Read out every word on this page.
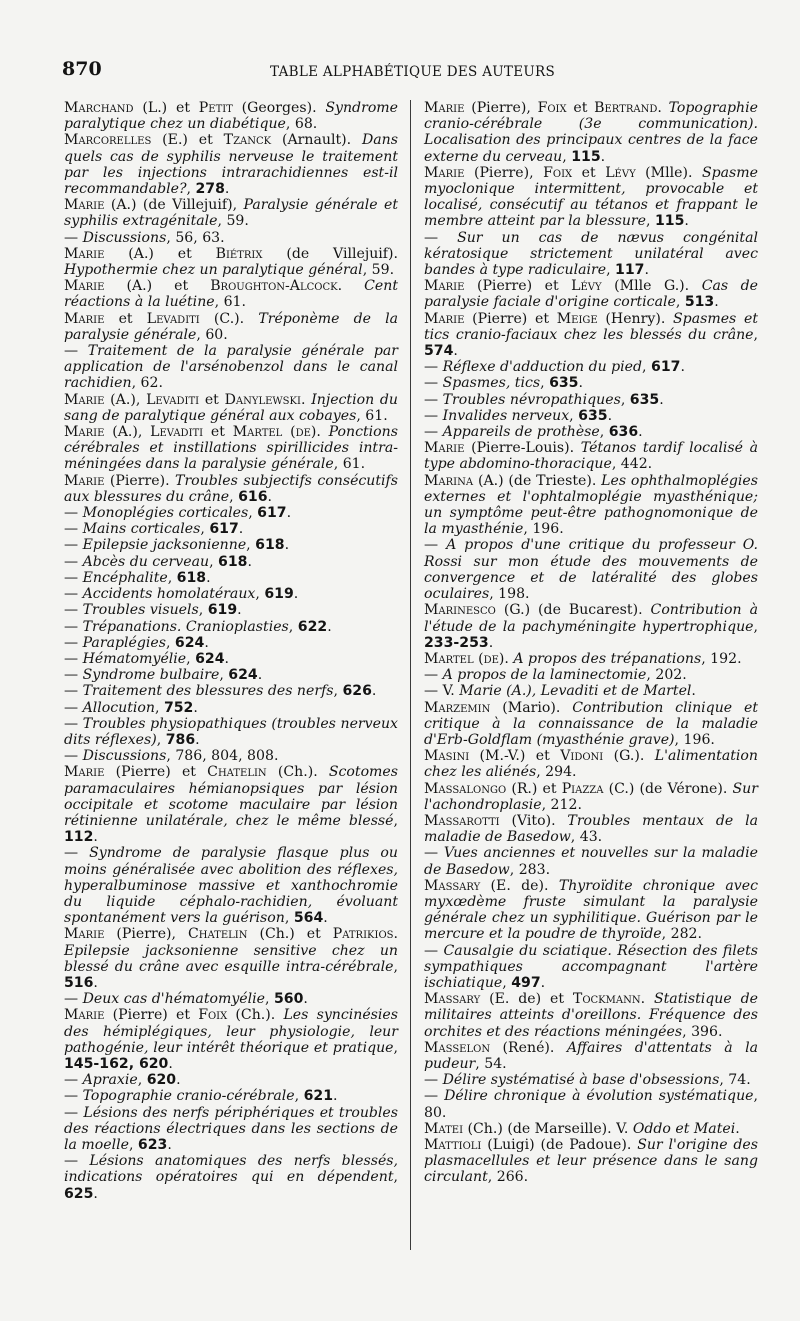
870	TABLE ALPHABÉTIQUE DES AUTEURS

Marchand (L.) et Petit (Georges). Syndrome paralytique chez un diabétique, 68.

Marcorelles (E.) et Tzanck (Arnault). Dans quels cas de syphilis nerveuse le traitement par les injections intrarachidiennes est-il recommandable?, 278.

Marie (A.) (de Villejuif), Paralysie générale et syphilis extragénitale, 59.

— Discussions, 56, 63.

Marie (A.) et Biétrix (de Villejuif). Hypothermie chez un paralytique général, 59.

Marie (A.) et Broughton-Alcock. Cent réactions à la luétine, 61.

Marie et Levaditi (C.). Tréponème de la paralysie générale, 60.

— Traitement de la paralysie générale par application de l'arsénobenzol dans le canal rachidien, 62.

Marie (A.), Levaditi et Danylewski. Injection du sang de paralytique général aux cobayes, 61.

Marie (A.), Levaditi et Martel (de). Ponctions cérébrales et instillations spirillicides intra-méningées dans la paralysie générale, 61.

Marie (Pierre). Troubles subjectifs consécutifs aux blessures du crâne, 616.

— Monoplégies corticales, 617.

— Mains corticales, 617.

— Epilepsie jacksonienne, 618.

— Abcès du cerveau, 618.

— Encéphalite, 618.

— Accidents homolatéraux, 619.

— Troubles visuels, 619.

— Trépanations. Cranioplasties, 622.

— Paraplégies, 624.

— Hématomyélie, 624.

— Syndrome bulbaire, 624.

— Traitement des blessures des nerfs, 626.

— Allocution, 752.

— Troubles physiopathiques (troubles nerveux dits réflexes), 786.

— Discussions, 786, 804, 808.

Marie (Pierre) et Chatelin (Ch.). Scotomes paramaculaires hémianopsiques par lésion occipitale et scotome maculaire par lésion rétinienne unilatérale, chez le même blessé, 112.

— Syndrome de paralysie flasque plus ou moins généralisée avec abolition des réflexes, hyperalbuminose massive et xanthochromie du liquide céphalo-rachidien, évoluant spontanément vers la guérison, 564.

Marie (Pierre), Chatelin (Ch.) et Patrikios. Epilepsie jacksonienne sensitive chez un blessé du crâne avec esquille intra-cérébrale, 516.

— Deux cas d'hématomyélie, 560.

Marie (Pierre) et Foix (Ch.). Les syncinésies des hémiplégiques, leur physiologie, leur pathogénie, leur intérêt théorique et pratique, 145-162, 620.

— Apraxie, 620.

— Topographie cranio-cérébrale, 621.

— Lésions des nerfs périphériques et troubles des réactions électriques dans les sections de la moelle, 623.

— Lésions anatomiques des nerfs blessés, indications opératoires qui en dépendent, 625.

Marie (Pierre), Foix et Bertrand. Topographie cranio-cérébrale (3e communication). Localisation des principaux centres de la face externe du cerveau, 115.

Marie (Pierre), Foix et Lévy (Mlle). Spasme myoclonique intermittent, provocable et localisé, consécutif au tétanos et frappant le membre atteint par la blessure, 115.

— Sur un cas de nævus congénital kératosique strictement unilatéral avec bandes à type radiculaire, 117.

Marie (Pierre) et Lévy (Mlle G.). Cas de paralysie faciale d'origine corticale, 513.

Marie (Pierre) et Meige (Henry). Spasmes et tics cranio-faciaux chez les blessés du crâne, 574.

— Réflexe d'adduction du pied, 617.

— Spasmes, tics, 635.

— Troubles névropathiques, 635.

— Invalides nerveux, 635.

— Appareils de prothèse, 636.

Marie (Pierre-Louis). Tétanos tardif localisé à type abdomino-thoracique, 442.

Marina (A.) (de Trieste). Les ophthalmoplégies externes et l'ophtalmoplégie myasthénique; un symptôme peut-être pathognomonique de la myasthénie, 196.

— A propos d'une critique du professeur O. Rossi sur mon étude des mouvements de convergence et de latéralité des globes oculaires, 198.

Marinesco (G.) (de Bucarest). Contribution à l'étude de la pachyméningite hypertrophique, 233-253.

Martel (de). A propos des trépanations, 192.

— A propos de la laminectomie, 202.

— V. Marie (A.), Levaditi et de Martel.

Marzemin (Mario). Contribution clinique et critique à la connaissance de la maladie d'Erb-Goldflam (myasthénie grave), 196.

Masini (M.-V.) et Vidoni (G.). L'alimentation chez les aliénés, 294.

Massalongo (R.) et Piazza (C.) (de Vérone). Sur l'achondroplasie, 212.

Massarotti (Vito). Troubles mentaux de la maladie de Basedow, 43.

— Vues anciennes et nouvelles sur la maladie de Basedow, 283.

Massary (E. de). Thyroïdite chronique avec myxœdème fruste simulant la paralysie générale chez un syphilitique. Guérison par le mercure et la poudre de thyroïde, 282.

— Causalgie du sciatique. Résection des filets sympathiques accompagnant l'artère ischiatique, 497.

Massary (E. de) et Tockmann. Statistique de militaires atteints d'oreillons. Fréquence des orchites et des réactions méningées, 396.

Masselon (René). Affaires d'attentats à la pudeur, 54.

— Délire systématisé à base d'obsessions, 74.

— Délire chronique à évolution systématique, 80.

Matei (Ch.) (de Marseille). V. Oddo et Matei.

Mattioli (Luigi) (de Padoue). Sur l'origine des plasmacellules et leur présence dans le sang circulant, 266.
